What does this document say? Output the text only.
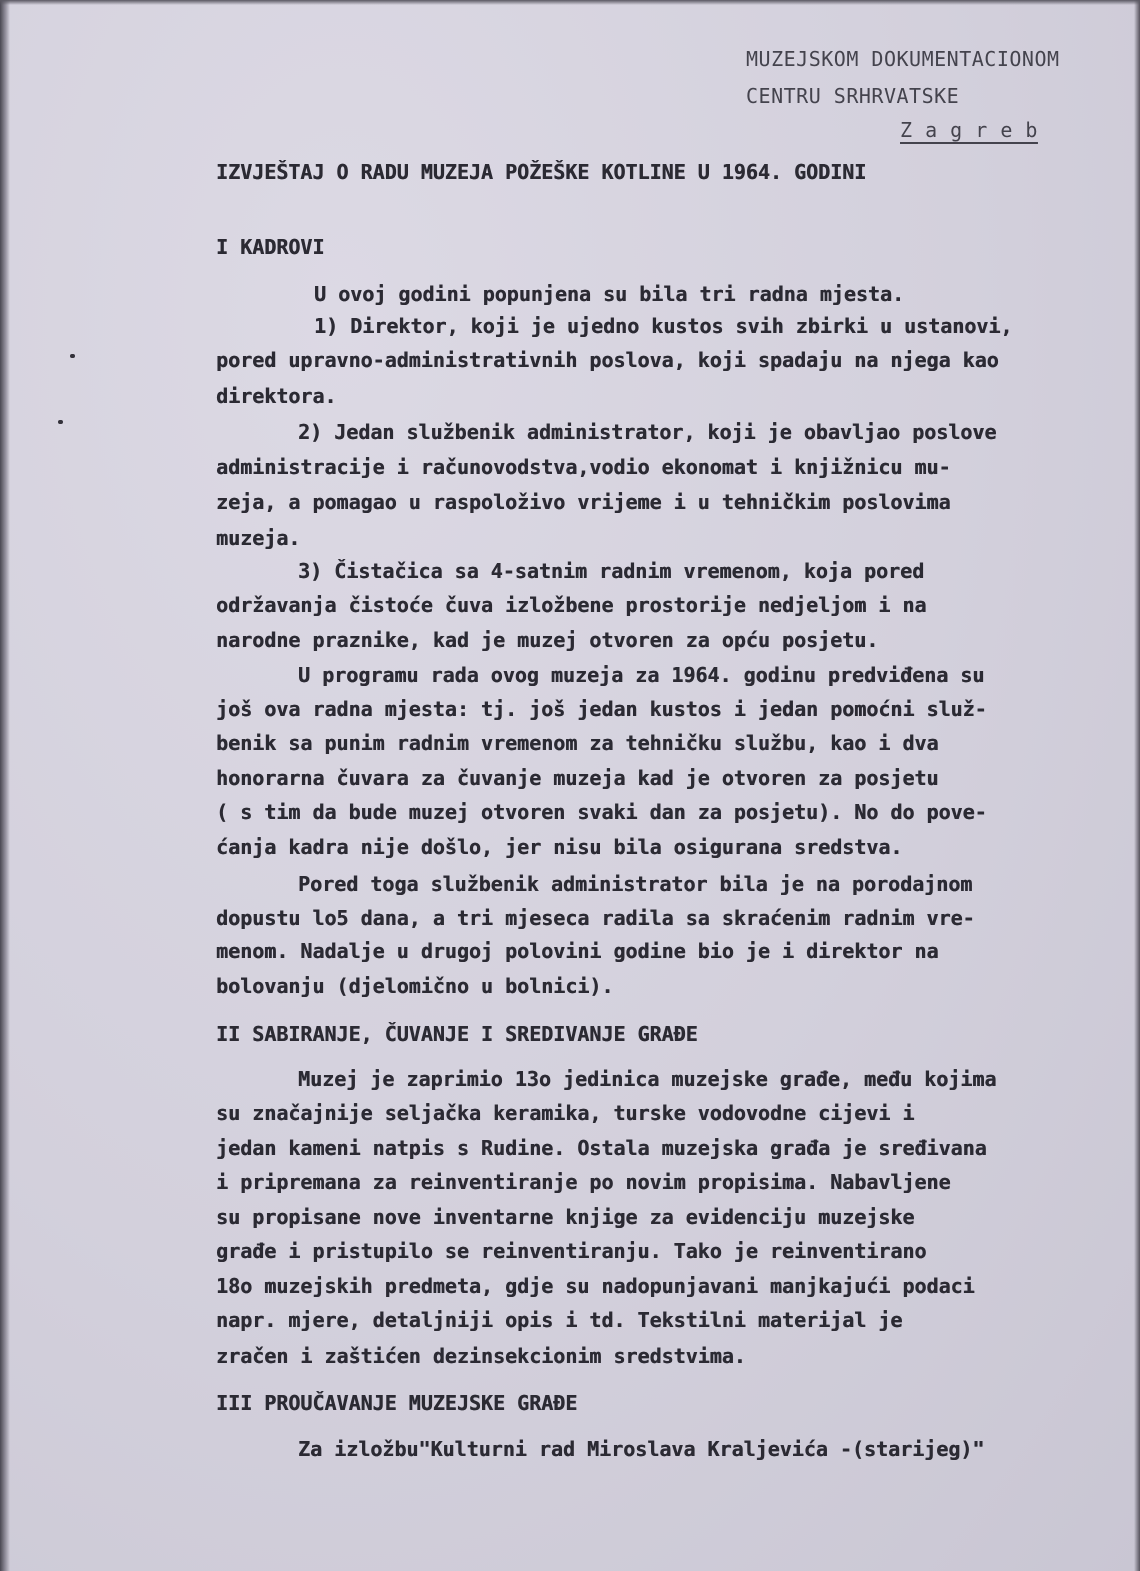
MUZEJSKOM DOKUMENTACIONOM
CENTRU SRHRVATSKE
Z a g r e b
IZVJEŠTAJ O RADU MUZEJA POŽEŠKE KOTLINE U 1964. GODINI
I KADROVI
U ovoj godini popunjena su bila tri radna mjesta.
1) Direktor, koji je ujedno kustos svih zbirki u ustanovi,
pored upravno-administrativnih poslova, koji spadaju na njega kao
direktora.
2) Jedan službenik administrator, koji je obavljao poslove
administracije i računovodstva,vodio ekonomat i knjižnicu mu-
zeja, a pomagao u raspoloživo vrijeme i u tehničkim poslovima
muzeja.
3) Čistačica sa 4-satnim radnim vremenom, koja pored
održavanja čistoće čuva izložbene prostorije nedjeljom i na
narodne praznike, kad je muzej otvoren za opću posjetu.
U programu rada ovog muzeja za 1964. godinu predviđena su
još ova radna mjesta: tj. još jedan kustos i jedan pomoćni služ-
benik sa punim radnim vremenom za tehničku službu, kao i dva
honorarna čuvara za čuvanje muzeja kad je otvoren za posjetu
( s tim da bude muzej otvoren svaki dan za posjetu). No do pove-
ćanja kadra nije došlo, jer nisu bila osigurana sredstva.
Pored toga službenik administrator bila je na porodajnom
dopustu lo5 dana, a tri mjeseca radila sa skraćenim radnim vre-
menom. Nadalje u drugoj polovini godine bio je i direktor na
bolovanju (djelomično u bolnici).
II SABIRANJE, ČUVANJE I SREDIVANJE GRAĐE
Muzej je zaprimio 13o jedinica muzejske građe, među kojima
su značajnije seljačka keramika, turske vodovodne cijevi i
jedan kameni natpis s Rudine. Ostala muzejska građa je sređivana
i pripremana za reinventiranje po novim propisima. Nabavljene
su propisane nove inventarne knjige za evidenciju muzejske
građe i pristupilo se reinventiranju. Tako je reinventirano
18o muzejskih predmeta, gdje su nadopunjavani manjkajući podaci
napr. mjere, detaljniji opis i td. Tekstilni materijal je
zračen i zaštićen dezinsekcionim sredstvima.
III PROUČAVANJE MUZEJSKE GRAĐE
Za izložbu"Kulturni rad Miroslava Kraljevića -(starijeg)"
